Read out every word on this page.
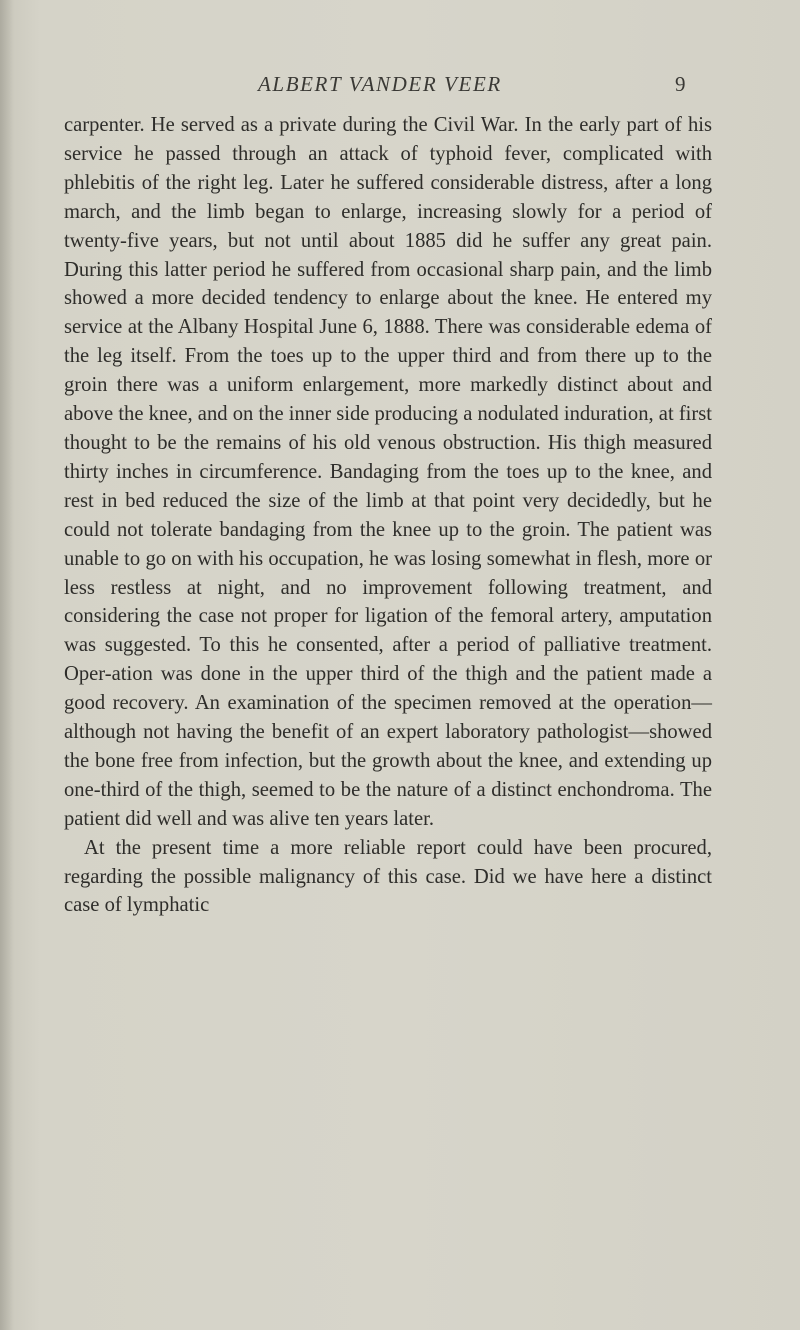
ALBERT VANDER VEER	9

carpenter. He served as a private during the Civil War. In the early part of his service he passed through an attack of typhoid fever, complicated with phlebitis of the right leg. Later he suffered considerable distress, after a long march, and the limb began to enlarge, increasing slowly for a period of twenty-five years, but not until about 1885 did he suffer any great pain. During this latter period he suffered from occasional sharp pain, and the limb showed a more decided tendency to enlarge about the knee. He entered my service at the Albany Hospital June 6, 1888. There was considerable edema of the leg itself. From the toes up to the upper third and from there up to the groin there was a uniform enlargement, more markedly distinct about and above the knee, and on the inner side producing a nodulated induration, at first thought to be the remains of his old venous obstruction. His thigh measured thirty inches in circumference. Bandaging from the toes up to the knee, and rest in bed reduced the size of the limb at that point very decidedly, but he could not tolerate bandaging from the knee up to the groin. The patient was unable to go on with his occupation, he was losing somewhat in flesh, more or less restless at night, and no improvement following treatment, and considering the case not proper for ligation of the femoral artery, amputation was suggested. To this he consented, after a period of palliative treatment. Oper-ation was done in the upper third of the thigh and the patient made a good recovery. An examination of the specimen removed at the operation—although not having the benefit of an expert laboratory pathologist—showed the bone free from infection, but the growth about the knee, and extending up one-third of the thigh, seemed to be the nature of a distinct enchondroma. The patient did well and was alive ten years later.

At the present time a more reliable report could have been procured, regarding the possible malignancy of this case. Did we have here a distinct case of lymphatic
